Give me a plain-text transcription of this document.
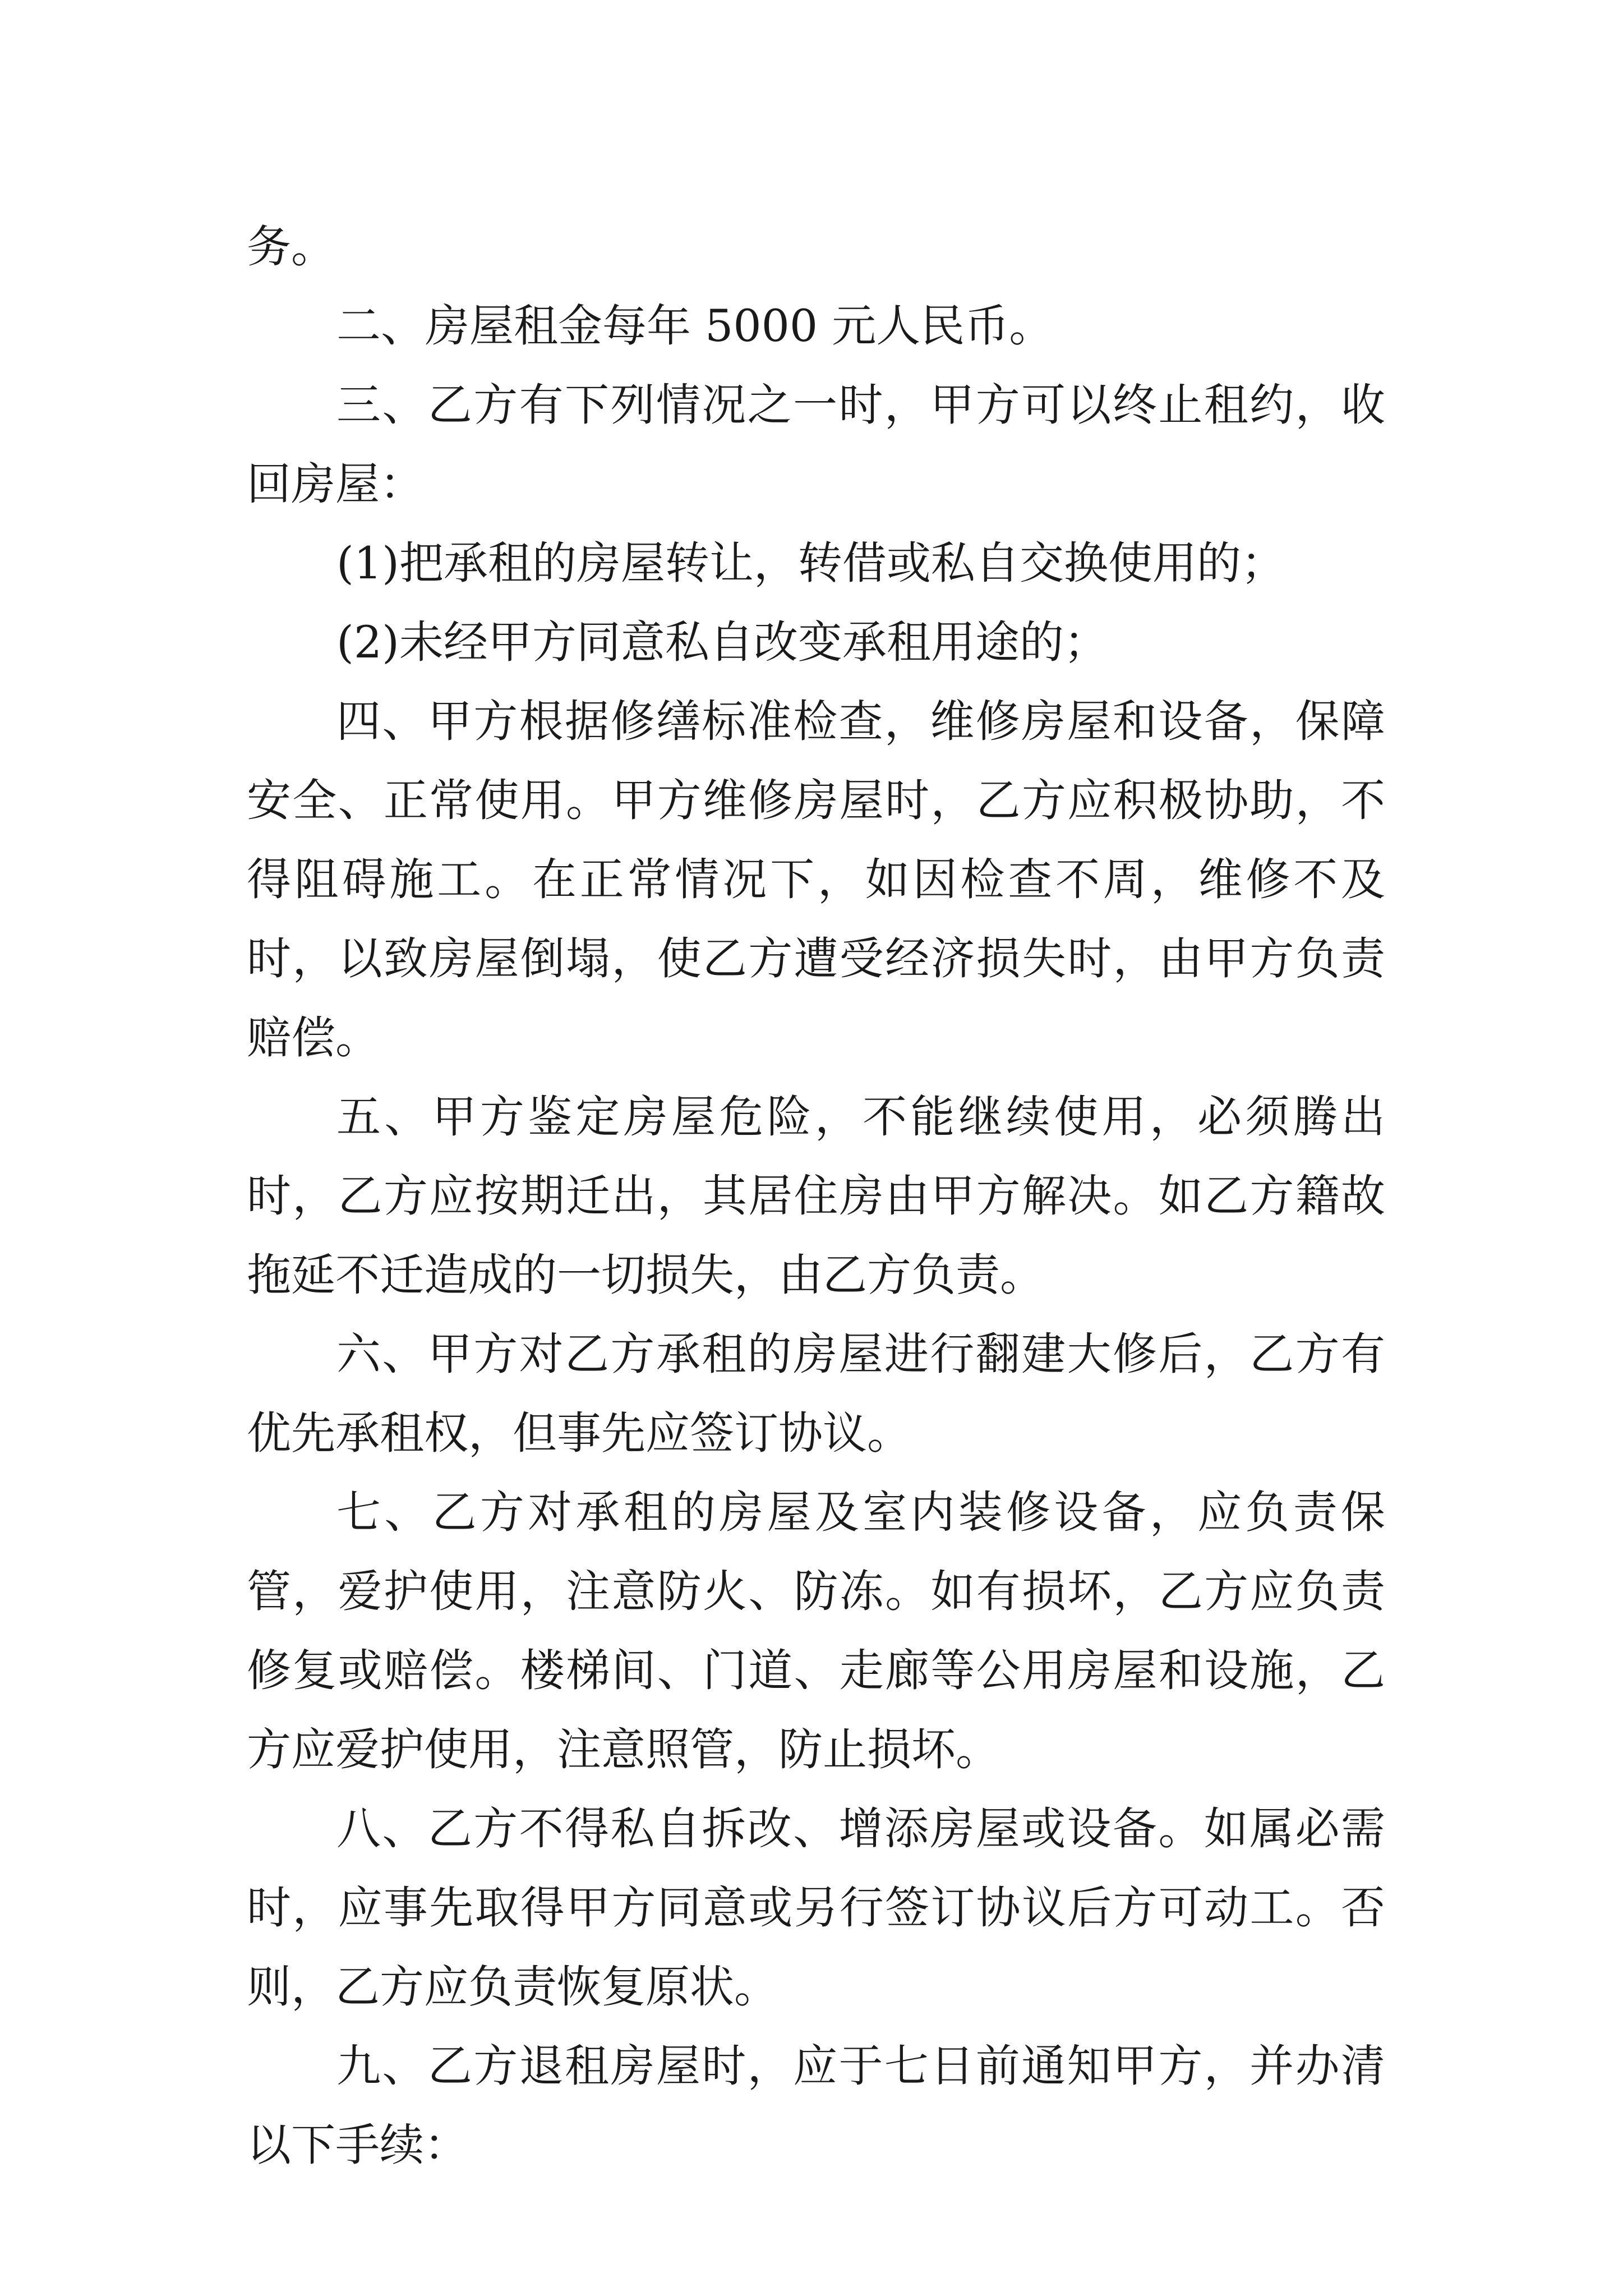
务。

二、房屋租金每年 5000 元人民币。

三、乙方有下列情况之一时，甲方可以终止租约，收回房屋：

(1)把承租的房屋转让，转借或私自交换使用的；

(2)未经甲方同意私自改变承租用途的；

四、甲方根据修缮标准检查，维修房屋和设备，保障安全、正常使用。甲方维修房屋时，乙方应积极协助，不得阻碍施工。在正常情况下，如因检查不周，维修不及时，以致房屋倒塌，使乙方遭受经济损失时，由甲方负责赔偿。

五、甲方鉴定房屋危险，不能继续使用，必须腾出时，乙方应按期迁出，其居住房由甲方解决。如乙方籍故拖延不迁造成的一切损失，由乙方负责。

六、甲方对乙方承租的房屋进行翻建大修后，乙方有优先承租权，但事先应签订协议。

七、乙方对承租的房屋及室内装修设备，应负责保管，爱护使用，注意防火、防冻。如有损坏，乙方应负责修复或赔偿。楼梯间、门道、走廊等公用房屋和设施，乙方应爱护使用，注意照管，防止损坏。

八、乙方不得私自拆改、增添房屋或设备。如属必需时，应事先取得甲方同意或另行签订协议后方可动工。否则，乙方应负责恢复原状。

九、乙方退租房屋时，应于七日前通知甲方，并办清以下手续：
